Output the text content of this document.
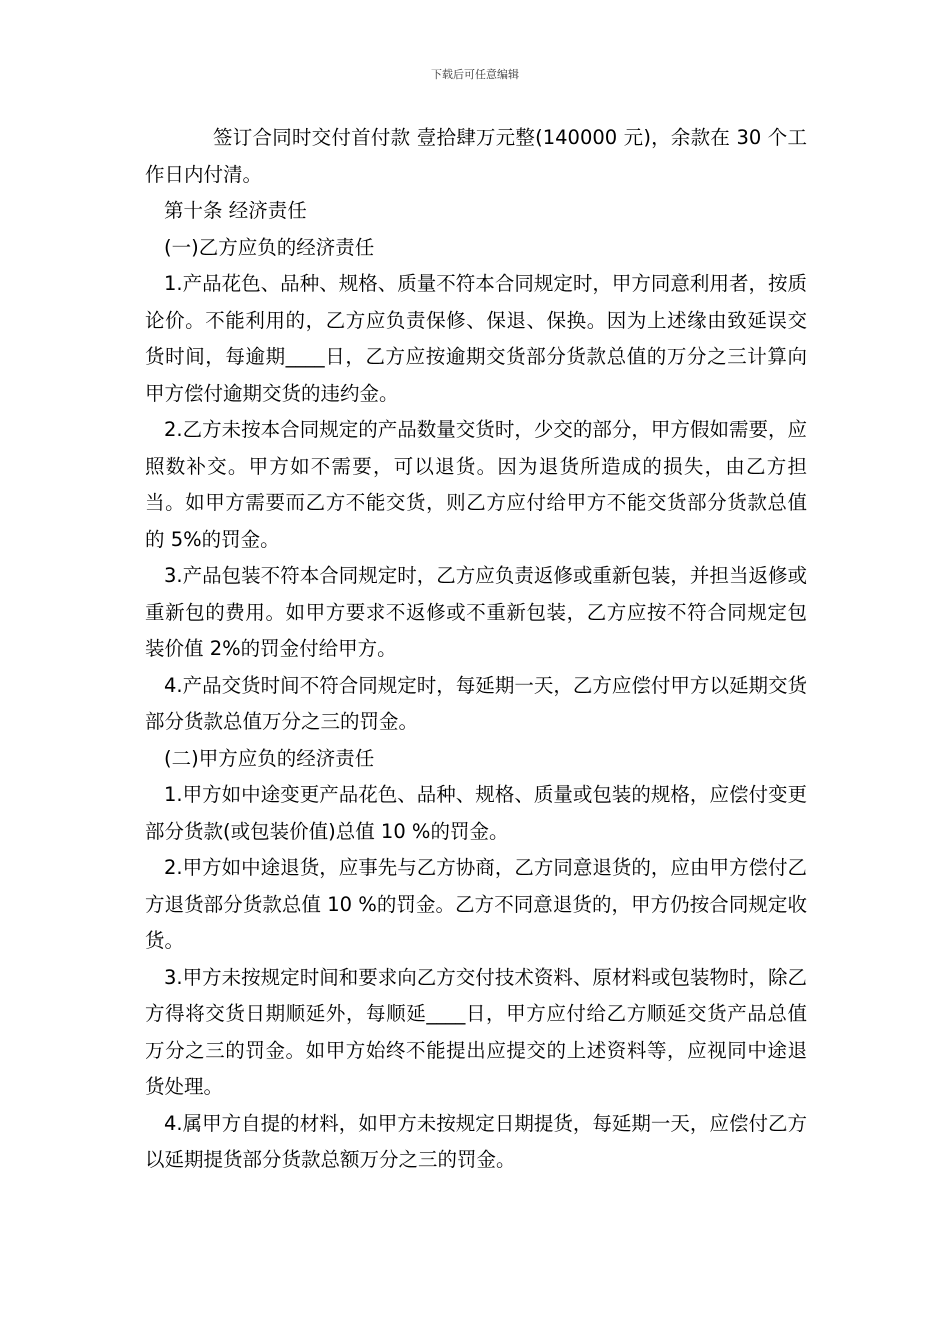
下载后可任意编辑

签订合同时交付首付款 壹拾肆万元整(140000 元)，余款在 30 个工作日内付清。

第十条 经济责任

(一)乙方应负的经济责任

1.产品花色、品种、规格、质量不符本合同规定时，甲方同意利用者，按质论价。不能利用的，乙方应负责保修、保退、保换。因为上述缘由致延误交货时间，每逾期____日，乙方应按逾期交货部分货款总值的万分之三计算向甲方偿付逾期交货的违约金。

2.乙方未按本合同规定的产品数量交货时，少交的部分，甲方假如需要，应照数补交。甲方如不需要，可以退货。因为退货所造成的损失，由乙方担当。如甲方需要而乙方不能交货，则乙方应付给甲方不能交货部分货款总值的 5%的罚金。

3.产品包装不符本合同规定时，乙方应负责返修或重新包装，并担当返修或重新包的费用。如甲方要求不返修或不重新包装，乙方应按不符合同规定包装价值 2%的罚金付给甲方。

4.产品交货时间不符合同规定时，每延期一天，乙方应偿付甲方以延期交货部分货款总值万分之三的罚金。

(二)甲方应负的经济责任

1.甲方如中途变更产品花色、品种、规格、质量或包装的规格，应偿付变更部分货款(或包装价值)总值 10 %的罚金。

2.甲方如中途退货，应事先与乙方协商，乙方同意退货的，应由甲方偿付乙方退货部分货款总值 10 %的罚金。乙方不同意退货的，甲方仍按合同规定收货。

3.甲方未按规定时间和要求向乙方交付技术资料、原材料或包装物时，除乙方得将交货日期顺延外，每顺延____日，甲方应付给乙方顺延交货产品总值万分之三的罚金。如甲方始终不能提出应提交的上述资料等，应视同中途退货处理。

4.属甲方自提的材料，如甲方未按规定日期提货，每延期一天，应偿付乙方以延期提货部分货款总额万分之三的罚金。
